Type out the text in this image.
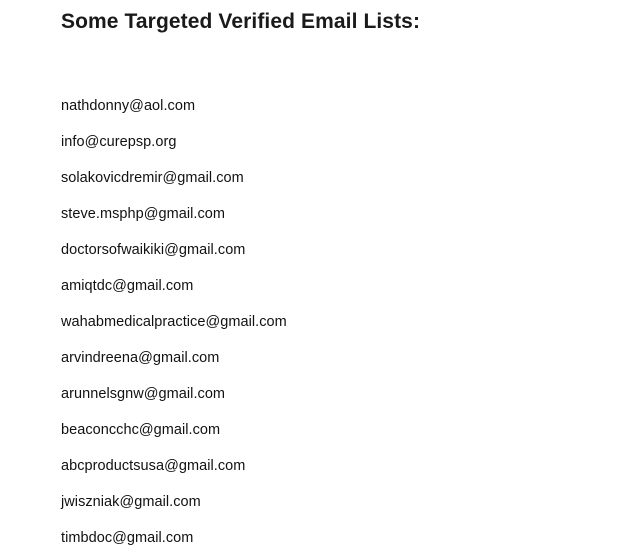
Some Targeted Verified Email Lists:
nathdonny@aol.com
info@curepsp.org
solakovicdremir@gmail.com
steve.msphp@gmail.com
doctorsofwaikiki@gmail.com
amiqtdc@gmail.com
wahabmedicalpractice@gmail.com
arvindreena@gmail.com
arunnelsgnw@gmail.com
beaconcchc@gmail.com
abcproductsusa@gmail.com
jwiszniak@gmail.com
timbdoc@gmail.com
